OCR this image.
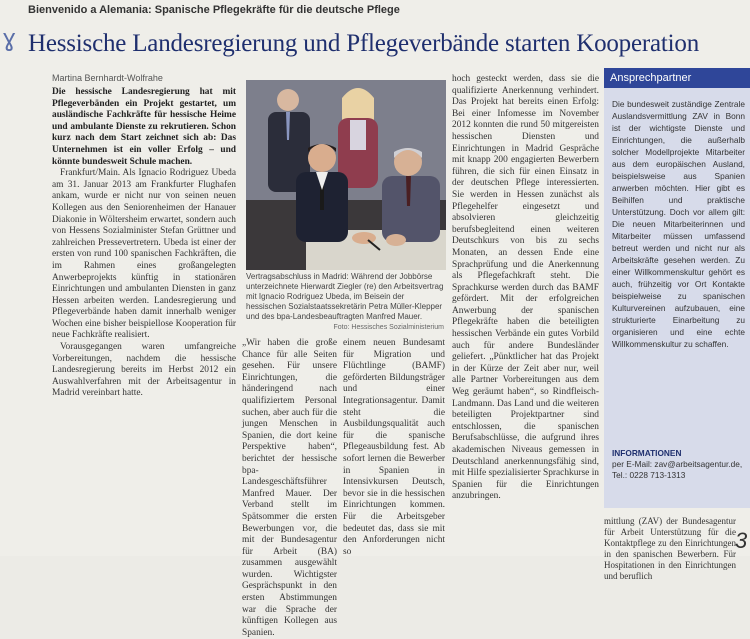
Bienvenido a Alemania: Spanische Pflegekräfte für die deutsche Pflege
ɣ Hessische Landesregierung und Pflegeverbände starten Kooperation
Martina Bernhardt-Wolfrahe

Die hessische Landesregierung hat mit Pflegeverbänden ein Projekt gestartet, um ausländische Fachkräfte für hessische Heime und ambulante Dienste zu rekrutieren. Schon kurz nach dem Start zeichnet sich ab: Das Unternehmen ist ein voller Erfolg – und könnte bundesweit Schule machen.

Frankfurt/Main. Als Ignacio Rodriguez Ubeda am 31. Januar 2013 am Frankfurter Flughafen ankam, wurde er nicht nur von seinen neuen Kollegen aus den Seniorenheimen der Hanauer Diakonie in Wöltersheim erwartet, sondern auch von Hessens Sozialminister Stefan Grüttner und zahlreichen Pressevertretern. Ubeda ist einer der ersten von rund 100 spanischen Fachkräften, die im Rahmen eines großangelegten Anwerbeprojekts künftig in stationären Einrichtungen und ambulanten Diensten in ganz Hessen arbeiten werden. Landesregierung und Pflegeverbände haben damit innerhalb weniger Wochen eine bisher beispiellose Kooperation für neue Fachkräfte realisiert.

Vorausgegangen waren umfangreiche Vorbereitungen, nachdem die hessische Landesregierung bereits im Herbst 2012 ein Auswahlverfahren mit der Arbeitsagentur in Madrid vereinbart hatte.

Vertragsabschluss in Madrid: Während der Jobbörse unterzeichnete Hierwardt Ziegler (re) den Arbeitsvertrag mit Ignacio Rodriguez Ubeda, im Beisein der hessischen Sozialstaatssekretärin Petra Müller-Klepper und des bpa-Landesbeauftragten Manfred Mauer.
Foto: Hessisches Sozialministerium

„Wir haben die große Chance für alle Seiten gesehen. Für unsere Einrichtungen, die händeringend nach qualifiziertem Personal suchen, aber auch für die jungen Menschen in Spanien, die dort keine Perspektive haben“, berichtet der hessische bpa-Landesgeschäftsführer Manfred Mauer. Der Verband stellt im Spätsommer die ersten Bewerbungen vor, die mit der Bundesagentur für Arbeit (BA) zusammen ausgewählt wurden. Wichtigster Gesprächspunkt in den ersten Abstimmungen war die Sprache der künftigen Kollegen aus Spanien.

einem neuen Bundesamt für Migration und Flüchtlinge (BAMF) geförderten Bildungsträger und einer Integrationsagentur. Damit steht die Ausbildungsqualität auch für die spanische Pflegeausbildung fest. Ab sofort lernen die Bewerber in Spanien in Intensivkursen Deutsch, bevor sie in die hessischen Einrichtungen kommen. Für die Arbeitsgeber bedeutet das, dass sie mit den Anforderungen nicht so

hoch gesteckt werden, dass sie die qualifizierte Anerkennung verhindert. Das Projekt hat bereits einen Erfolg: Bei einer Infomesse im November 2012 konnten die rund 50 mitgereisten hessischen Diensten und Einrichtungen in Madrid Gespräche mit knapp 200 engagierten Bewerbern führen, die sich für einen Einsatz in der deutschen Pflege interessierten. Sie werden in Hessen zunächst als Pflegehelfer eingesetzt und absolvieren gleichzeitig berufsbegleitend einen weiteren Deutschkurs von bis zu sechs Monaten, an dessen Ende eine Sprachprüfung und die Anerkennung als Pflegefachkraft steht. Die Sprachkurse werden durch das BAMF gefördert. Mit der erfolgreichen Anwerbung der spanischen Pflegekräfte haben die beteiligten hessischen Verbände ein gutes Vorbild auch für andere Bundesländer geliefert. „Pünktlicher hat das Projekt in der Kürze der Zeit aber nur, weil alle Partner Vorbereitungen aus dem Weg geräumt haben“, so Rindfleisch-Landmann. Das Land und die weiteren beteiligten Projektpartner sind entschlossen, die spanischen Berufsabschlüsse, die aufgrund ihres akademischen Niveaus gemessen in Deutschland anerkennungsfähig sind, mit Hilfe spezialisierter Sprachkurse in Spanien für die Einrichtungen anzubringen.

Ansprechpartner
Die bundesweit zuständige Zentrale Auslandsvermittlung ZAV in Bonn ist der wichtigste Dienste und Einrichtungen, die außerhalb solcher Modellprojekte Mitarbeiter aus dem europäischen Ausland, beispielsweise aus Spanien anwerben möchten. Hier gibt es Beihilfen und praktische Unterstützung. Doch vor allem gilt: Die neuen Mitarbeiterinnen und Mitarbeiter müssen umfassend betreut werden und nicht nur als Arbeitskräfte gesehen werden. Zu einer Willkommenskultur gehört es auch, frühzeitig vor Ort Kontakte beispielweise zu spanischen Kulturvereinen aufzubauen, eine strukturierte Einarbeitung zu organisieren und eine echte Willkommenskultur zu schaffen.
INFORMATIONEN
per E-Mail: zav@arbeitsagentur.de, Tel.: 0228 713-1313
mittlung (ZAV) der Bundesagentur für Arbeit Unterstützung für die Kontaktpflege zu den Einrichtungen in den spanischen Bewerbern. Für Hospitationen in den Einrichtungen und beruflich
3
